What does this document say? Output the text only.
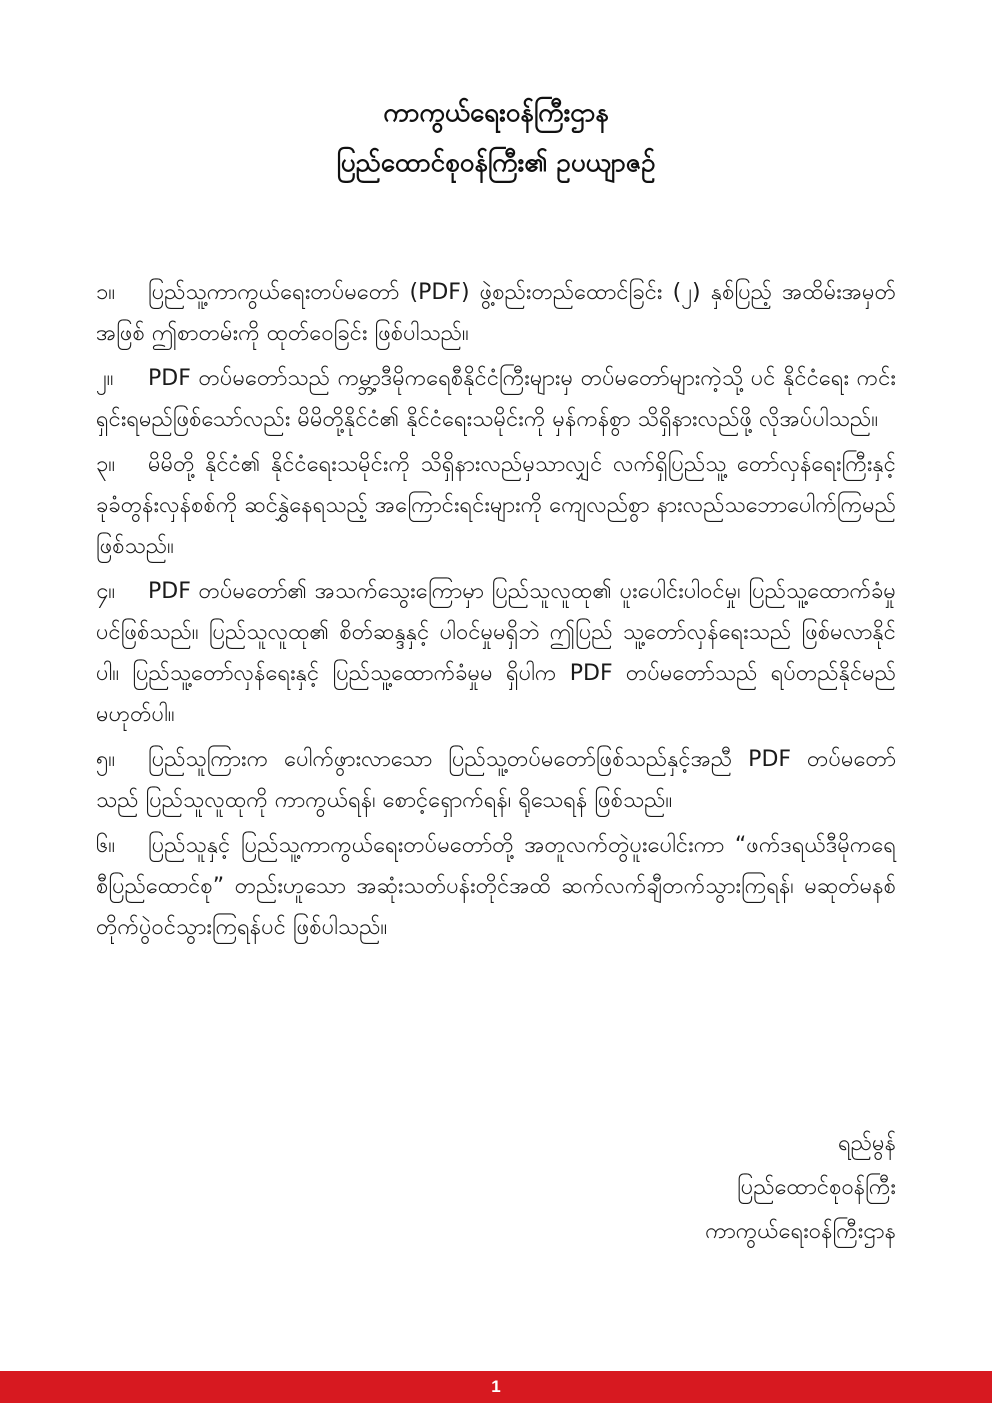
ကာကွယ်ရေးဝန်ကြီးဌာန
ပြည်ထောင်စုဝန်ကြီး၏ ဥပယျာဇဉ်

၁။ ပြည်သူ့ကာကွယ်ရေးတပ်မတော် (PDF) ဖွဲ့စည်းတည်ထောင်ခြင်း (၂) နှစ်ပြည့် အထိမ်းအမှတ်အဖြစ် ဤစာတမ်းကို ထုတ်ဝေခြင်း ဖြစ်ပါသည်။

၂။ PDF တပ်မတော်သည် ကမ္ဘာ့ဒီမိုကရေစီနိုင်ငံကြီးများမှ တပ်မတော်များကဲ့သို့ ပင် နိုင်ငံရေး ကင်းရှင်းရမည်ဖြစ်သော်လည်း မိမိတို့နိုင်ငံ၏ နိုင်ငံရေးသမိုင်းကို မှန်ကန်စွာ သိရှိနားလည်ဖို့ လိုအပ်ပါသည်။

၃။ မိမိတို့ နိုင်ငံ၏ နိုင်ငံရေးသမိုင်းကို သိရှိနားလည်မှသာလျှင် လက်ရှိပြည်သူ့ တော်လှန်ရေးကြီးနှင့် ခုခံတွန်းလှန်စစ်ကို ဆင်နွှဲနေရသည့် အကြောင်းရင်းများကို ကျေလည်စွာ နားလည်သဘောပေါက်ကြမည်ဖြစ်သည်။

၄။ PDF တပ်မတော်၏ အသက်သွေးကြောမှာ ပြည်သူလူထု၏ ပူးပေါင်းပါဝင်မှု၊ ပြည်သူ့ထောက်ခံမှုပင်ဖြစ်သည်။ ပြည်သူလူထု၏ စိတ်ဆန္ဒနှင့် ပါဝင်မှုမရှိဘဲ ဤပြည် သူ့တော်လှန်ရေးသည် ဖြစ်မလာနိုင်ပါ။ ပြည်သူ့တော်လှန်ရေးနှင့် ပြည်သူ့ထောက်ခံမှုမ ရှိပါက PDF တပ်မတော်သည် ရပ်တည်နိုင်မည် မဟုတ်ပါ။

၅။ ပြည်သူကြားက ပေါက်ဖွားလာသော ပြည်သူ့တပ်မတော်ဖြစ်သည်နှင့်အညီ PDF တပ်မတော်သည် ပြည်သူလူထုကို ကာကွယ်ရန်၊ စောင့်ရှောက်ရန်၊ ရိုသေရန် ဖြစ်သည်။

၆။ ပြည်သူနှင့် ပြည်သူ့ကာကွယ်ရေးတပ်မတော်တို့ အတူလက်တွဲပူးပေါင်းကာ “ဖက်ဒရယ်ဒီမိုကရေစီပြည်ထောင်စု” တည်းဟူသော အဆုံးသတ်ပန်းတိုင်အထိ ဆက်လက်ချီတက်သွားကြရန်၊ မဆုတ်မနစ် တိုက်ပွဲဝင်သွားကြရန်ပင် ဖြစ်ပါသည်။

ရည်မွန်
ပြည်ထောင်စုဝန်ကြီး
ကာကွယ်ရေးဝန်ကြီးဌာန
1
